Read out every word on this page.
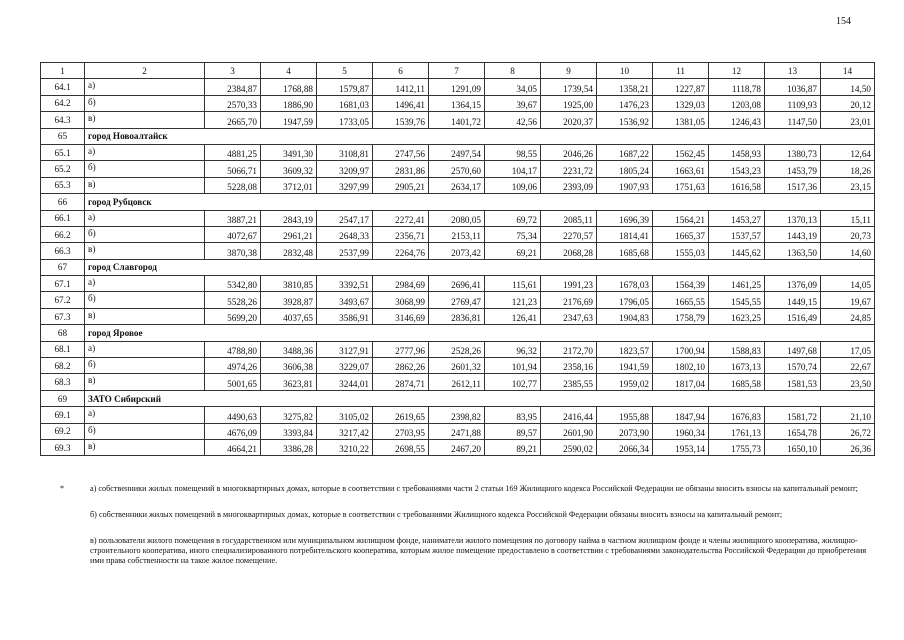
154
1	2	3	4	5	6	7	8	9	10	11	12	13	14
64.1	а)	2384,87	1768,88	1579,87	1412,11	1291,09	34,05	1739,54	1358,21	1227,87	1118,78	1036,87	14,50
64.2	б)	2570,33	1886,90	1681,03	1496,41	1364,15	39,67	1925,00	1476,23	1329,03	1203,08	1109,93	20,12
64.3	в)	2665,70	1947,59	1733,05	1539,76	1401,72	42,56	2020,37	1536,92	1381,05	1246,43	1147,50	23,01
65	город Новоалтайск												
65.1	а)	4881,25	3491,30	3108,81	2747,56	2497,54	98,55	2046,26	1687,22	1562,45	1458,93	1380,73	12,64
65.2	б)	5066,71	3609,32	3209,97	2831,86	2570,60	104,17	2231,72	1805,24	1663,61	1543,23	1453,79	18,26
65.3	в)	5228,08	3712,01	3297,99	2905,21	2634,17	109,06	2393,09	1907,93	1751,63	1616,58	1517,36	23,15
66	город Рубцовск												
66.1	а)	3887,21	2843,19	2547,17	2272,41	2080,05	69,72	2085,11	1696,39	1564,21	1453,27	1370,13	15,11
66.2	б)	4072,67	2961,21	2648,33	2356,71	2153,11	75,34	2270,57	1814,41	1665,37	1537,57	1443,19	20,73
66.3	в)	3870,38	2832,48	2537,99	2264,76	2073,42	69,21	2068,28	1685,68	1555,03	1445,62	1363,50	14,60
67	город Славгород												
67.1	а)	5342,80	3810,85	3392,51	2984,69	2696,41	115,61	1991,23	1678,03	1564,39	1461,25	1376,09	14,05
67.2	б)	5528,26	3928,87	3493,67	3068,99	2769,47	121,23	2176,69	1796,05	1665,55	1545,55	1449,15	19,67
67.3	в)	5699,20	4037,65	3586,91	3146,69	2836,81	126,41	2347,63	1904,83	1758,79	1623,25	1516,49	24,85
68	город Яровое												
68.1	а)	4788,80	3488,36	3127,91	2777,96	2528,26	96,32	2172,70	1823,57	1700,94	1588,83	1497,68	17,05
68.2	б)	4974,26	3606,38	3229,07	2862,26	2601,32	101,94	2358,16	1941,59	1802,10	1673,13	1570,74	22,67
68.3	в)	5001,65	3623,81	3244,01	2874,71	2612,11	102,77	2385,55	1959,02	1817,04	1685,58	1581,53	23,50
69	ЗАТО Сибирский												
69.1	а)	4490,63	3275,82	3105,02	2619,65	2398,82	83,95	2416,44	1955,88	1847,94	1676,83	1581,72	21,10
69.2	б)	4676,09	3393,84	3217,42	2703,95	2471,88	89,57	2601,90	2073,90	1960,34	1761,13	1654,78	26,72
69.3	в)	4664,21	3386,28	3210,22	2698,55	2467,20	89,21	2590,02	2066,34	1953,14	1755,73	1650,10	26,36
*	а) собственники жилых помещений в многоквартирных домах, которые в соответствии с требованиями части 2 статьи 169 Жилищного кодекса Российской Федерации не обязаны вносить взносы на капитальный ремонт;
б) собственники жилых помещений в многоквартирных домах, которые в соответствии с требованиями Жилищного кодекса Российской Федерации обязаны вносить взносы на капитальный ремонт;
в) пользователи жилого помещения в государственном или муниципальном жилищном фонде, наниматели жилого помещения по договору найма в частном жилищном фонде и члены жилищного кооператива, жилищно-строительного кооператива, иного специализированного потребительского кооператива, которым жилое помещение предоставлено в соответствии с требованиями законодательства Российской Федерации до приобретения ими права собственности на такое жилое помещение.
